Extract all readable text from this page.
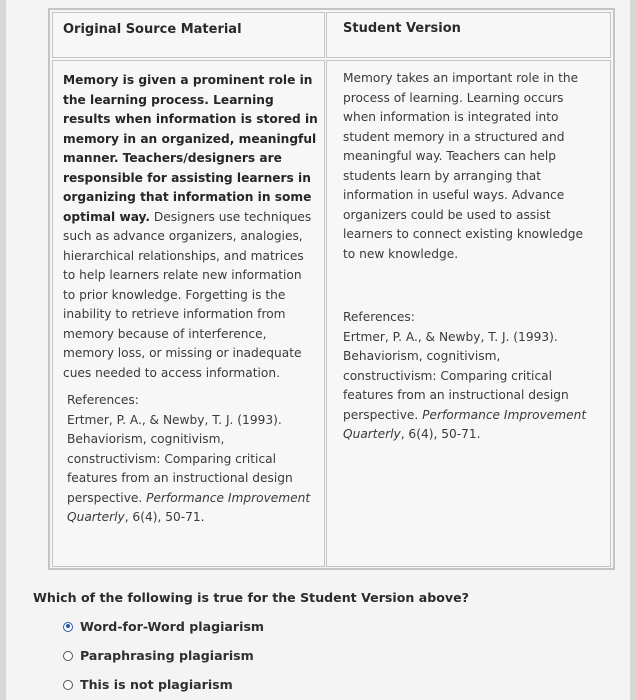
Original Source Material	Student Version
Memory is given a prominent role in
the learning process. Learning
results when information is stored in
memory in an organized, meaningful
manner. Teachers/designers are
responsible for assisting learners in
organizing that information in some
optimal way. Designers use techniques
such as advance organizers, analogies,
hierarchical relationships, and matrices
to help learners relate new information
to prior knowledge. Forgetting is the
inability to retrieve information from
memory because of interference,
memory loss, or missing or inadequate
cues needed to access information.
References:
Ertmer, P. A., & Newby, T. J. (1993).
Behaviorism, cognitivism,
constructivism: Comparing critical
features from an instructional design
perspective. Performance Improvement
Quarterly, 6(4), 50-71.
Memory takes an important role in the
process of learning. Learning occurs
when information is integrated into
student memory in a structured and
meaningful way. Teachers can help
students learn by arranging that
information in useful ways. Advance
organizers could be used to assist
learners to connect existing knowledge
to new knowledge.
References:
Ertmer, P. A., & Newby, T. J. (1993).
Behaviorism, cognitivism,
constructivism: Comparing critical
features from an instructional design
perspective. Performance Improvement
Quarterly, 6(4), 50-71.
Which of the following is true for the Student Version above?
Word-for-Word plagiarism
Paraphrasing plagiarism
This is not plagiarism
